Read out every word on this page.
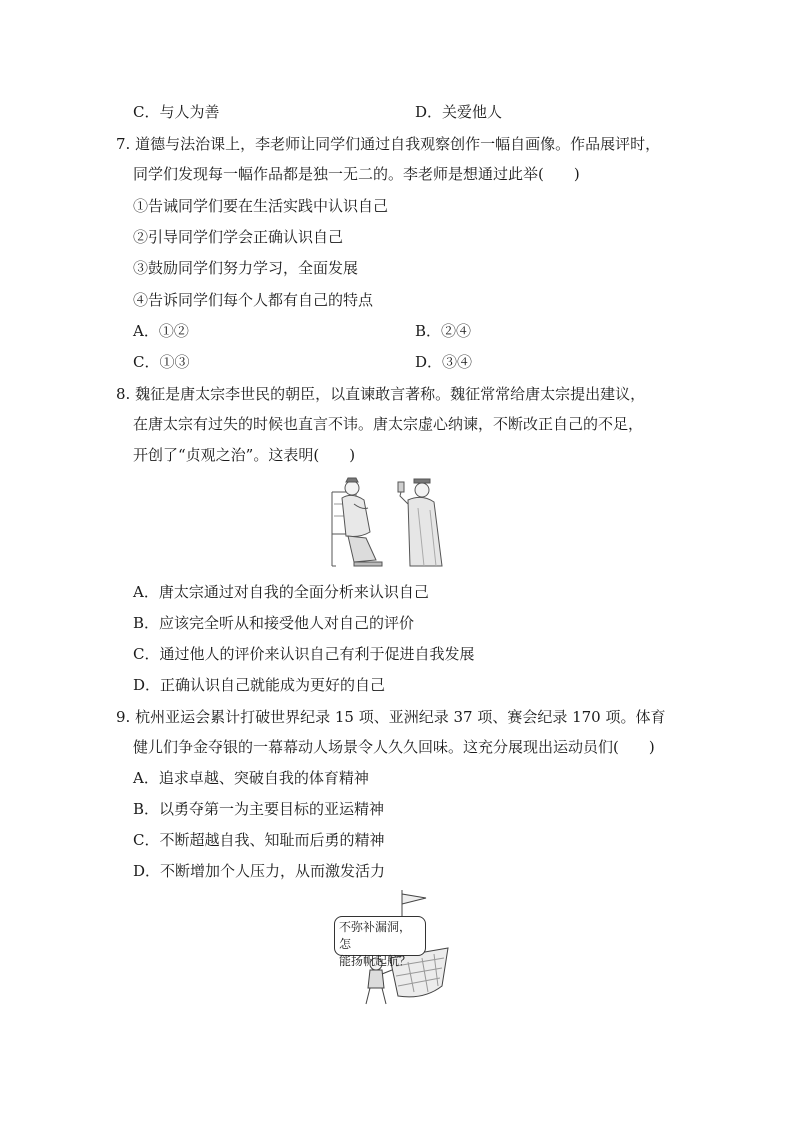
C．与人为善	D．关爱他人
7. 道德与法治课上，李老师让同学们通过自我观察创作一幅自画像。作品展评时，
同学们发现每一幅作品都是独一无二的。李老师是想通过此举(　　)
①告诫同学们要在生活实践中认识自己
②引导同学们学会正确认识自己
③鼓励同学们努力学习，全面发展
④告诉同学们每个人都有自己的特点
A．①②	B．②④
C．①③	D．③④
8. 魏征是唐太宗李世民的朝臣，以直谏敢言著称。魏征常常给唐太宗提出建议，
在唐太宗有过失的时候也直言不讳。唐太宗虚心纳谏，不断改正自己的不足，
开创了“贞观之治”。这表明(　　)
A．唐太宗通过对自我的全面分析来认识自己
B．应该完全听从和接受他人对自己的评价
C．通过他人的评价来认识自己有利于促进自我发展
D．正确认识自己就能成为更好的自己
9. 杭州亚运会累计打破世界纪录 15 项、亚洲纪录 37 项、赛会纪录 170 项。体育
健儿们争金夺银的一幕幕动人场景令人久久回味。这充分展现出运动员们(　　)
A．追求卓越、突破自我的体育精神
B．以勇夺第一为主要目标的亚运精神
C．不断超越自我、知耻而后勇的精神
D．不断增加个人压力，从而激发活力
不弥补漏洞，怎
能扬帆起航？
